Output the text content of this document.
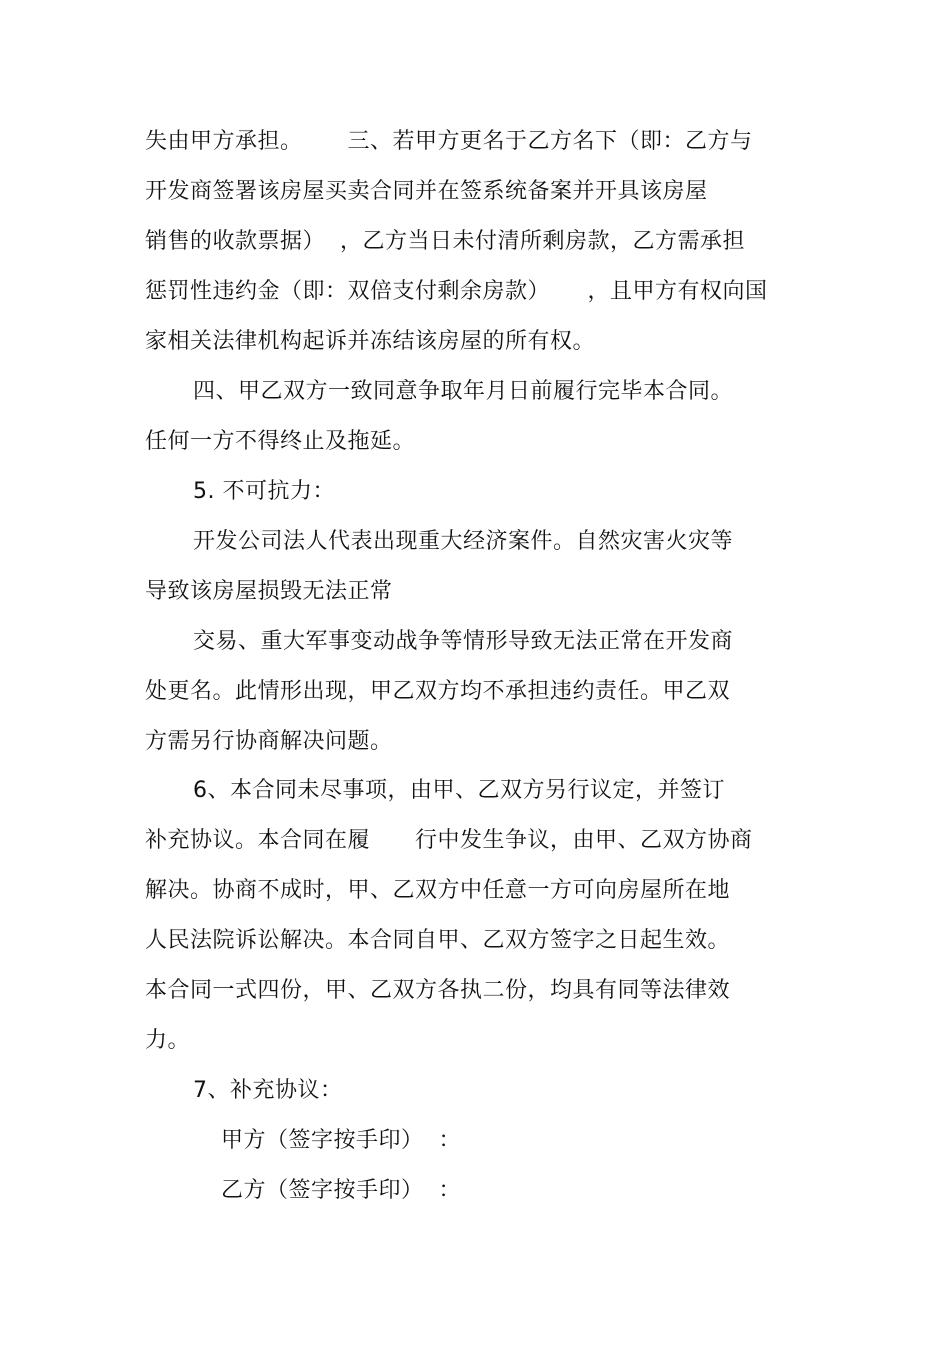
失由甲方承担。      三、若甲方更名于乙方名下（即：乙方与
开发商签署该房屋买卖合同并在签系统备案并开具该房屋
销售的收款票据）  ，乙方当日未付清所剩房款，乙方需承担
惩罚性违约金（即：双倍支付剩余房款）     ，且甲方有权向国
家相关法律机构起诉并冻结该房屋的所有权。
四、甲乙双方一致同意争取年月日前履行完毕本合同。
任何一方不得终止及拖延。
5. 不可抗力：
开发公司法人代表出现重大经济案件。自然灾害火灾等
导致该房屋损毁无法正常
交易、重大军事变动战争等情形导致无法正常在开发商
处更名。此情形出现，甲乙双方均不承担违约责任。甲乙双
方需另行协商解决问题。
6、本合同未尽事项，由甲、乙双方另行议定，并签订
补充协议。本合同在履      行中发生争议，由甲、乙双方协商
解决。协商不成时，甲、乙双方中任意一方可向房屋所在地
人民法院诉讼解决。本合同自甲、乙双方签字之日起生效。
本合同一式四份，甲、乙双方各执二份，均具有同等法律效
力。
7、补充协议：
甲方（签字按手印）  ：
乙方（签字按手印）  ：
